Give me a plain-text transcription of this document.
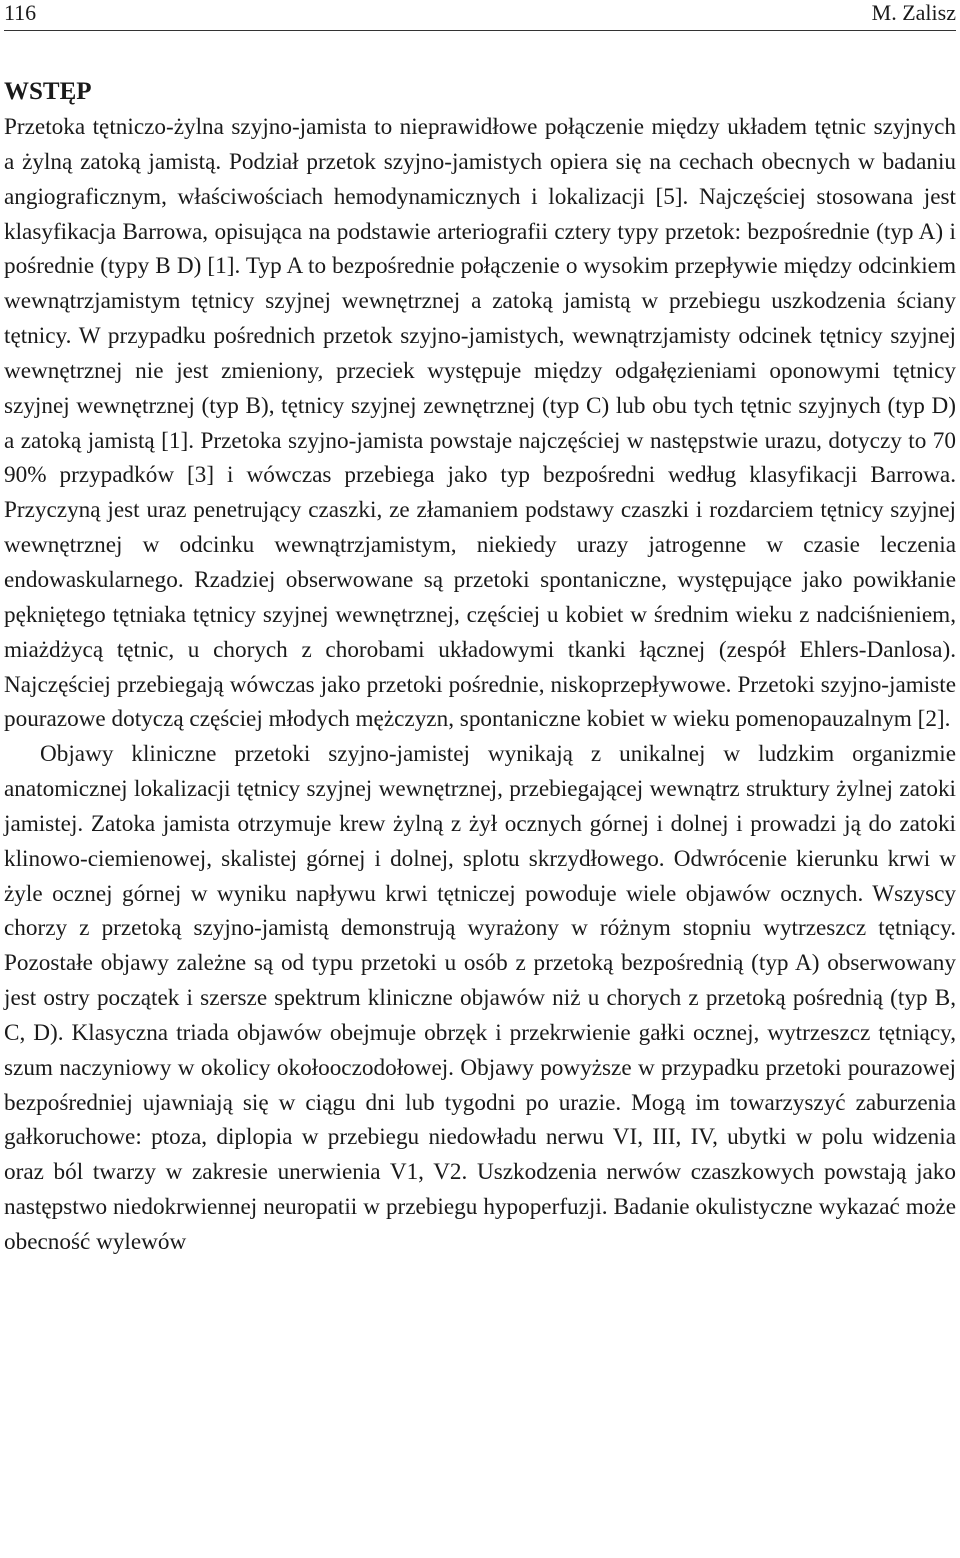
116	M. Zalisz
WSTĘP

Przetoka tętniczo-żylna szyjno-jamista to nieprawidłowe połączenie między układem tętnic szyjnych a żylną zatoką jamistą. Podział przetok szyjno-jamistych opiera się na cechach obecnych w badaniu angiograficznym, właściwościach hemodynamicznych i lokalizacji [5]. Najczęściej stosowana jest klasyfikacja Barrowa, opisująca na podstawie arteriografii cztery typy przetok: bezpośrednie (typ A) i pośrednie (typy B D) [1]. Typ A to bezpośrednie połączenie o wysokim przepływie między odcinkiem wewnątrzjamistym tętnicy szyjnej wewnętrznej a zatoką jamistą w przebiegu uszkodzenia ściany tętnicy. W przypadku pośrednich przetok szyjno-jamistych, wewnątrzjamisty odcinek tętnicy szyjnej wewnętrznej nie jest zmieniony, przeciek występuje między odgałęzieniami oponowymi tętnicy szyjnej wewnętrznej (typ B), tętnicy szyjnej zewnętrznej (typ C) lub obu tych tętnic szyjnych (typ D) a zatoką jamistą [1]. Przetoka szyjno-jamista powstaje najczęściej w następstwie urazu, dotyczy to 70 90% przypadków [3] i wówczas przebiega jako typ bezpośredni według klasyfikacji Barrowa. Przyczyną jest uraz penetrujący czaszki, ze złamaniem podstawy czaszki i rozdarciem tętnicy szyjnej wewnętrznej w odcinku wewnątrzjamistym, niekiedy urazy jatrogenne w czasie leczenia endowaskularnego. Rzadziej obserwowane są przetoki spontaniczne, występujące jako powikłanie pękniętego tętniaka tętnicy szyjnej wewnętrznej, częściej u kobiet w średnim wieku z nadciśnieniem, miażdżycą tętnic, u chorych z chorobami układowymi tkanki łącznej (zespół Ehlers-Danlosa). Najczęściej przebiegają wówczas jako przetoki pośrednie, niskoprzepływowe. Przetoki szyjno-jamiste pourazowe dotyczą częściej młodych mężczyzn, spontaniczne kobiet w wieku pomenopauzalnym [2].

Objawy kliniczne przetoki szyjno-jamistej wynikają z unikalnej w ludzkim organizmie anatomicznej lokalizacji tętnicy szyjnej wewnętrznej, przebiegającej wewnątrz struktury żylnej zatoki jamistej. Zatoka jamista otrzymuje krew żylną z żył ocznych górnej i dolnej i prowadzi ją do zatoki klinowo-ciemienowej, skalistej górnej i dolnej, splotu skrzydłowego. Odwrócenie kierunku krwi w żyle ocznej górnej w wyniku napływu krwi tętniczej powoduje wiele objawów ocznych. Wszyscy chorzy z przetoką szyjno-jamistą demonstrują wyrażony w różnym stopniu wytrzeszcz tętniący. Pozostałe objawy zależne są od typu przetoki u osób z przetoką bezpośrednią (typ A) obserwowany jest ostry początek i szersze spektrum kliniczne objawów niż u chorych z przetoką pośrednią (typ B, C, D). Klasyczna triada objawów obejmuje obrzęk i przekrwienie gałki ocznej, wytrzeszcz tętniący, szum naczyniowy w okolicy okołooczodołowej. Objawy powyższe w przypadku przetoki pourazowej bezpośredniej ujawniają się w ciągu dni lub tygodni po urazie. Mogą im towarzyszyć zaburzenia gałkoruchowe: ptoza, diplopia w przebiegu niedowładu nerwu VI, III, IV, ubytki w polu widzenia oraz ból twarzy w zakresie unerwienia V1, V2. Uszkodzenia nerwów czaszkowych powstają jako następstwo niedokrwiennej neuropatii w przebiegu hypoperfuzji. Badanie okulistyczne wykazać może obecność wylewów
